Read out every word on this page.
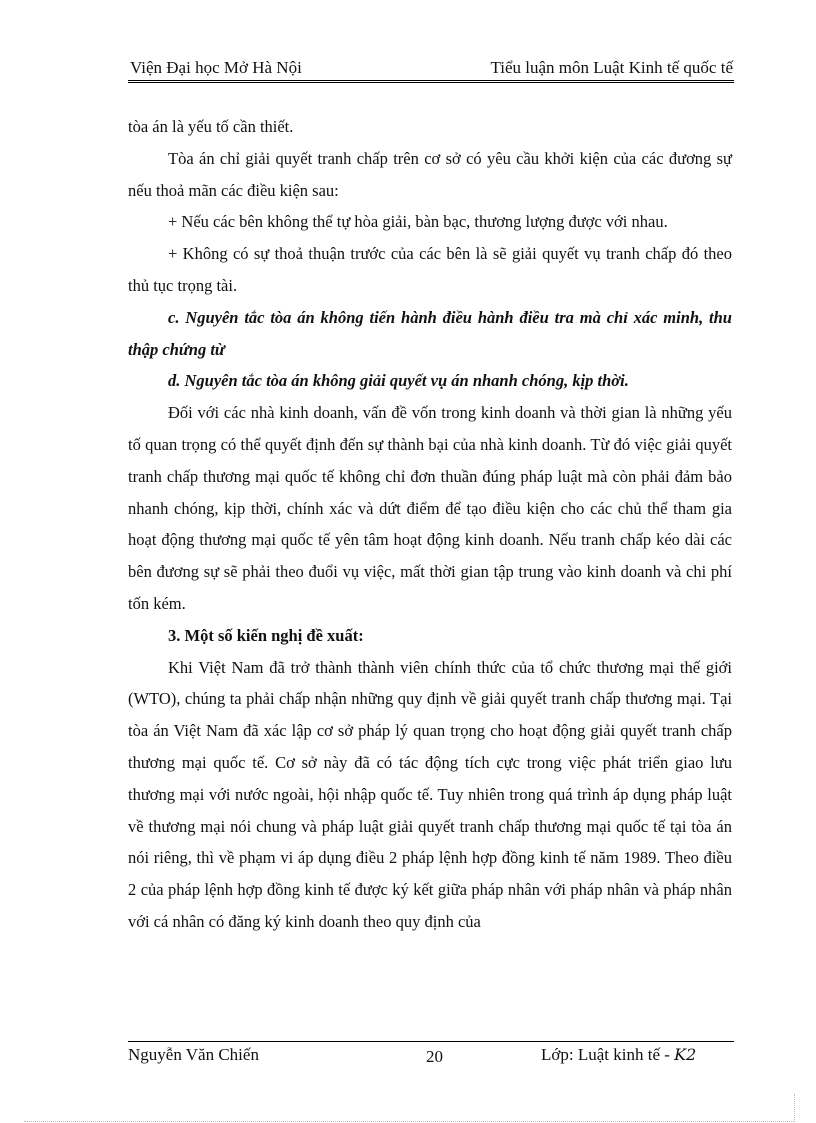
Viện Đại học Mở Hà Nội	Tiểu luận môn Luật Kinh tế quốc tế

tòa án là yếu tố cần thiết.

Tòa án chỉ giải quyết tranh chấp trên cơ sở có yêu cầu khởi kiện của các đương sự nếu thoả mãn các điều kiện sau:

+ Nếu các bên không thể tự hòa giải, bàn bạc, thương lượng được với nhau.

+ Không có sự thoả thuận trước của các bên là sẽ giải quyết vụ tranh chấp đó theo thủ tục trọng tài.

c. Nguyên tắc tòa án không tiến hành điều hành điều tra mà chỉ xác minh, thu thập chứng từ

d. Nguyên tắc tòa án không giải quyết vụ án nhanh chóng, kịp thời.

Đối với các nhà kinh doanh, vấn đề vốn trong kinh doanh và thời gian là những yếu tố quan trọng có thể quyết định đến sự thành bại của nhà kinh doanh. Từ đó việc giải quyết tranh chấp thương mại quốc tế không chỉ đơn thuần đúng pháp luật mà còn phải đảm bảo nhanh chóng, kịp thời, chính xác và dứt điểm để tạo điều kiện cho các chủ thể tham gia hoạt động thương mại quốc tế yên tâm hoạt động kinh doanh. Nếu tranh chấp kéo dài các bên đương sự sẽ phải theo đuổi vụ việc, mất thời gian tập trung vào kinh doanh và chi phí tốn kém.

3. Một số kiến nghị đề xuất:

Khi Việt Nam đã trở thành thành viên chính thức của tổ chức thương mại thế giới (WTO), chúng ta phải chấp nhận những quy định về giải quyết tranh chấp thương mại. Tại tòa án Việt Nam đã xác lập cơ sở pháp lý quan trọng cho hoạt động giải quyết tranh chấp thương mại quốc tế. Cơ sở này đã có tác động tích cực trong việc phát triển giao lưu thương mại với nước ngoài, hội nhập quốc tế. Tuy nhiên trong quá trình áp dụng pháp luật về thương mại nói chung và pháp luật giải quyết tranh chấp thương mại quốc tế tại tòa án nói riêng, thì về phạm vi áp dụng điều 2 pháp lệnh hợp đồng kinh tế năm 1989. Theo điều 2 của pháp lệnh hợp đồng kinh tế được ký kết giữa pháp nhân với pháp nhân và pháp nhân với cá nhân có đăng ký kinh doanh theo quy định của

Nguyễn Văn Chiến	20	Lớp: Luật kinh tế - K2
